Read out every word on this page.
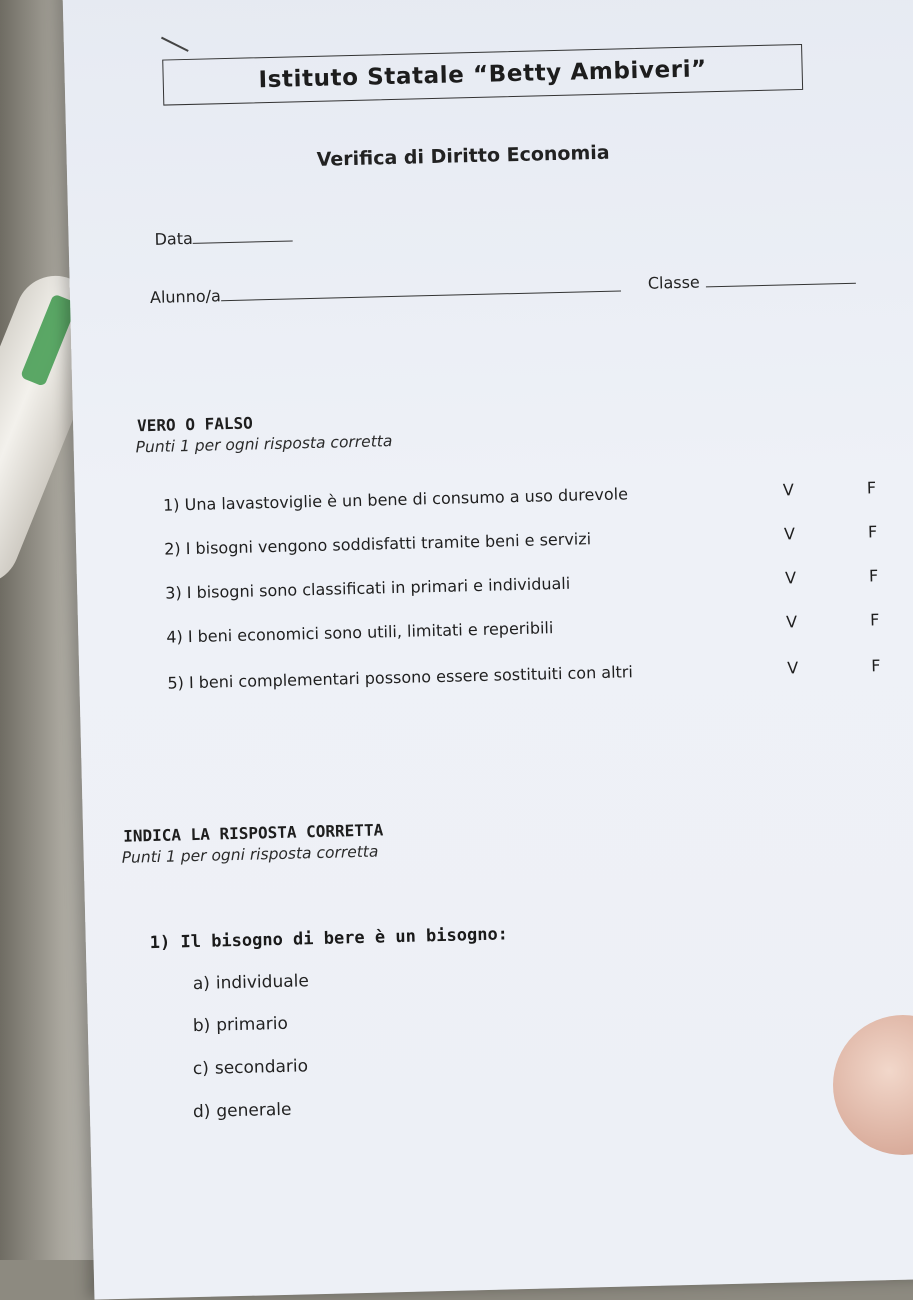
Istituto Statale “Betty Ambiveri”
Verifica di Diritto Economia
Data
Alunno/a
Classe
VERO O FALSO
Punti 1 per ogni risposta corretta
1) Una lavastoviglie è un bene di consumo a uso durevole	V	F
2) I bisogni vengono soddisfatti tramite beni e servizi	V	F
3) I bisogni sono classificati in primari e individuali	V	F
4) I beni economici sono utili, limitati e reperibili	V	F
5) I beni complementari possono essere sostituiti con altri	V	F
INDICA LA RISPOSTA CORRETTA
Punti 1 per ogni risposta corretta
1) Il bisogno di bere è un bisogno:
a) individuale
b) primario
c) secondario
d) generale
